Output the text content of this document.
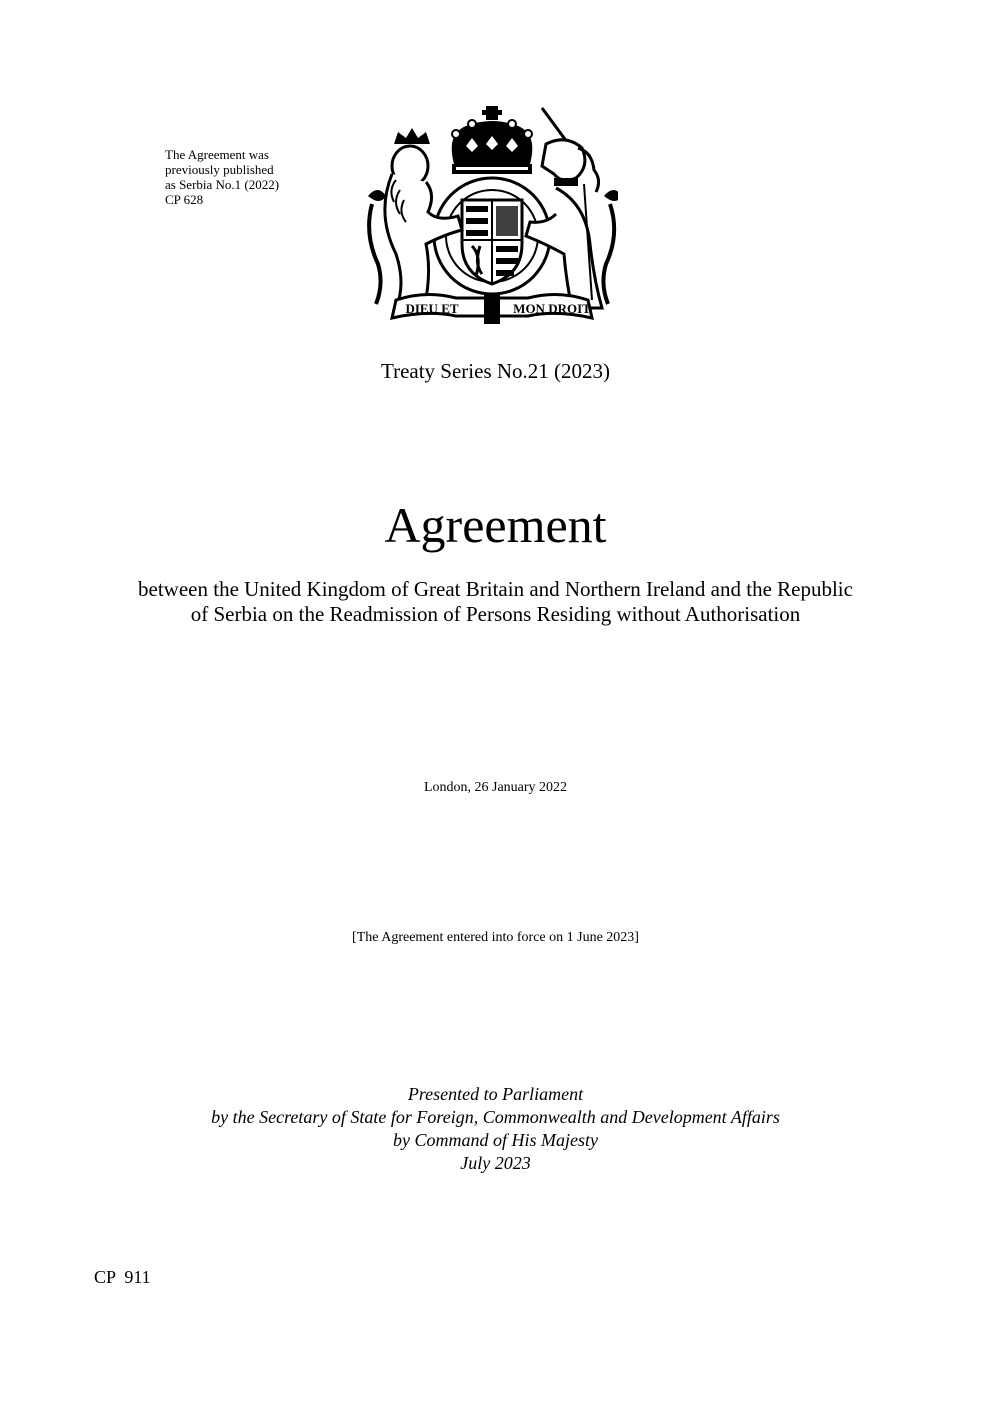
The Agreement was
previously published
as Serbia No.1 (2022)
CP 628
DIEU ET	MON DROIT
Treaty Series No.21 (2023)
Agreement
between the United Kingdom of Great Britain and Northern Ireland and the Republic
of Serbia on the Readmission of Persons Residing without Authorisation
London, 26 January 2022
[The Agreement entered into force on 1 June 2023]
Presented to Parliament
by the Secretary of State for Foreign, Commonwealth and Development Affairs
by Command of His Majesty
July 2023
CP  911
